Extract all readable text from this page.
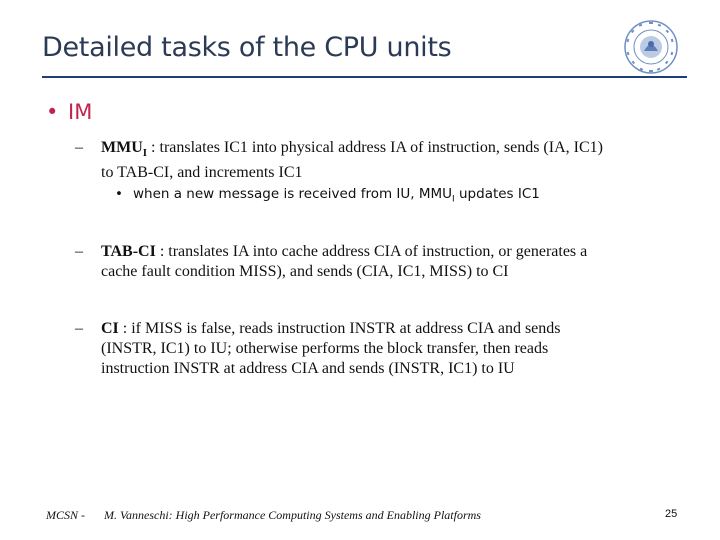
Detailed tasks of the CPU units
• IM
– $MMU_I$ : translates IC1 into physical address IA of instruction, sends (IA, IC1)
to TAB-CI, and increments IC1
• when a new message is received from IU, $MMU_I$ updates IC1
– TAB-CI : translates IA into cache address CIA of instruction, or generates a
cache fault condition MISS), and sends (CIA, IC1, MISS) to CI
– CI : if MISS is false, reads instruction INSTR at address CIA and sends
(INSTR, IC1) to IU; otherwise performs the block transfer, then reads
instruction INSTR at address CIA and sends (INSTR, IC1) to IU
MCSN - M. Vanneschi: High Performance Computing Systems and Enabling Platforms	25
